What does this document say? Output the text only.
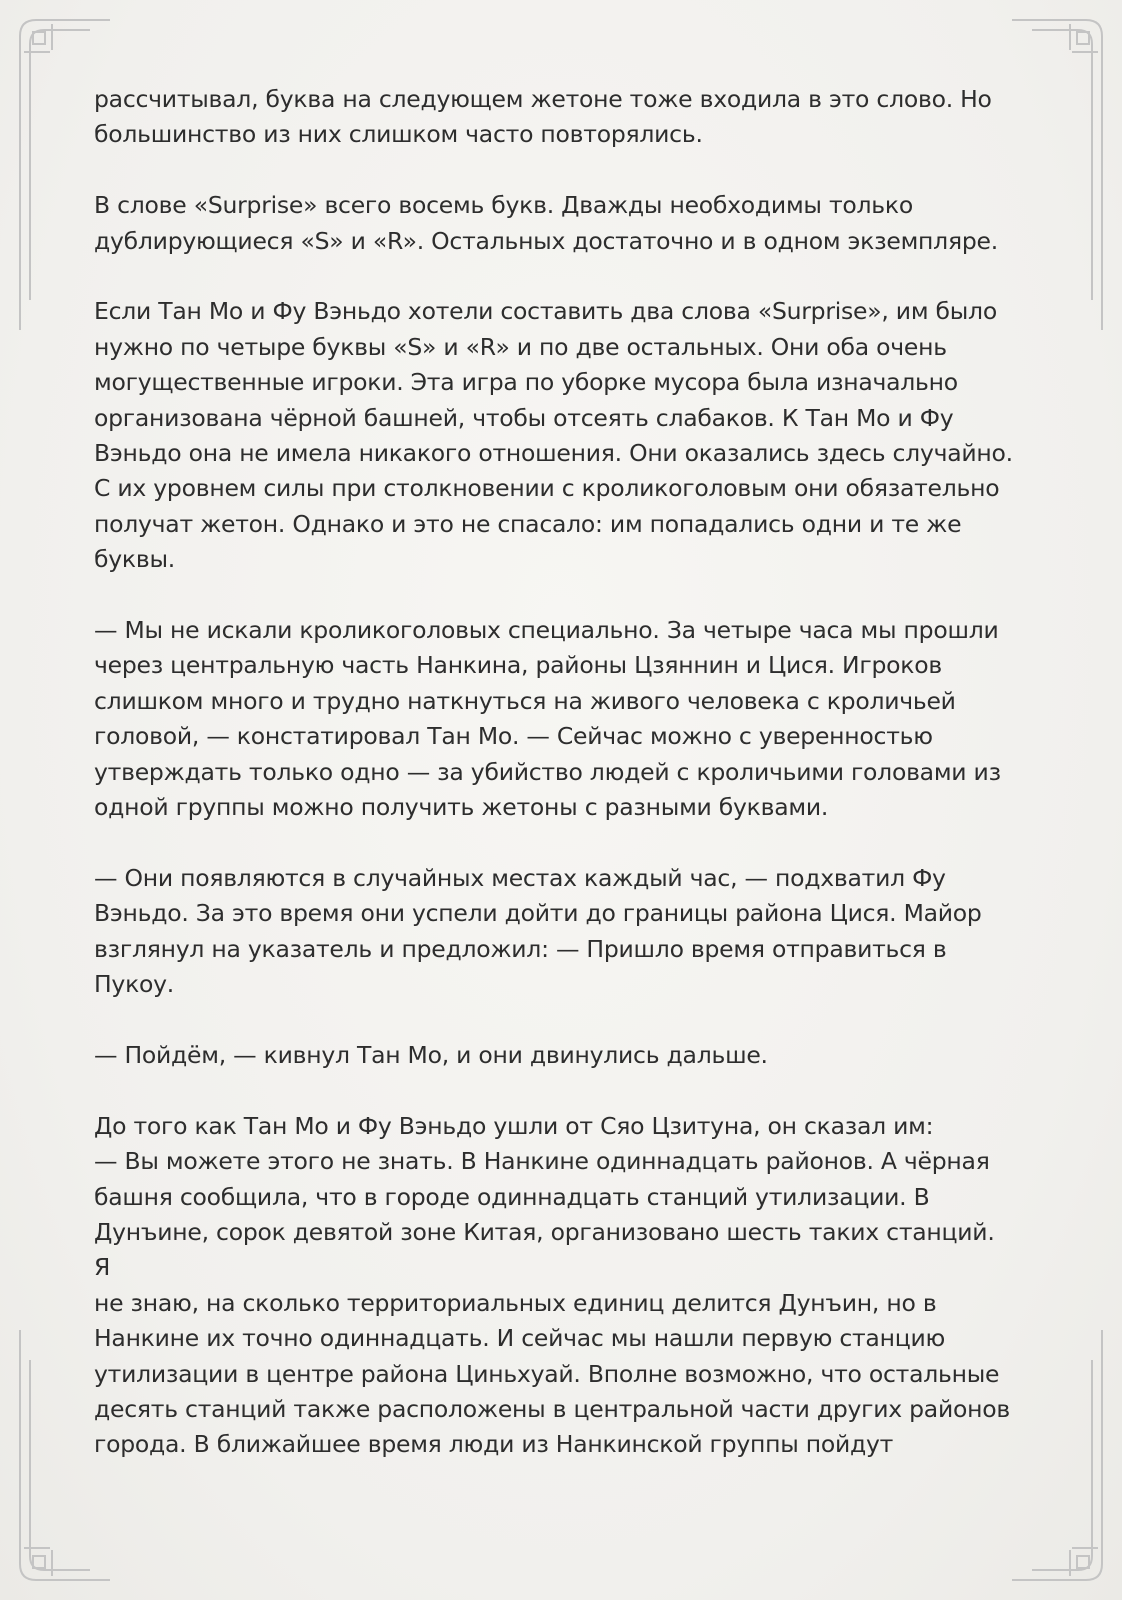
рассчитывал, буква на следующем жетоне тоже входила в это слово. Но
большинство из них слишком часто повторялись.

В слове «Surprise» всего восемь букв. Дважды необходимы только
дублирующиеся «S» и «R». Остальных достаточно и в одном экземпляре.

Если Тан Мо и Фу Вэньдо хотели составить два слова «Surprise», им было
нужно по четыре буквы «S» и «R» и по две остальных. Они оба очень
могущественные игроки. Эта игра по уборке мусора была изначально
организована чёрной башней, чтобы отсеять слабаков. К Тан Мо и Фу
Вэньдо она не имела никакого отношения. Они оказались здесь случайно.
С их уровнем силы при столкновении с кроликоголовым они обязательно
получат жетон. Однако и это не спасало: им попадались одни и те же
буквы.

— Мы не искали кроликоголовых специально. За четыре часа мы прошли
через центральную часть Нанкина, районы Цзяннин и Цися. Игроков
слишком много и трудно наткнуться на живого человека с кроличьей
головой, — констатировал Тан Мо. — Сейчас можно с уверенностью
утверждать только одно — за убийство людей с кроличьими головами из
одной группы можно получить жетоны с разными буквами.

— Они появляются в случайных местах каждый час, — подхватил Фу
Вэньдо. За это время они успели дойти до границы района Цися. Майор
взглянул на указатель и предложил: — Пришло время отправиться в
Пукоу.

— Пойдём, — кивнул Тан Мо, и они двинулись дальше.

До того как Тан Мо и Фу Вэньдо ушли от Сяо Цзитуна, он сказал им:
— Вы можете этого не знать. В Нанкине одиннадцать районов. А чёрная
башня сообщила, что в городе одиннадцать станций утилизации. В
Дунъине, сорок девятой зоне Китая, организовано шесть таких станций. Я
не знаю, на сколько территориальных единиц делится Дунъин, но в
Нанкине их точно одиннадцать. И сейчас мы нашли первую станцию
утилизации в центре района Циньхуай. Вполне возможно, что остальные
десять станций также расположены в центральной части других районов
города. В ближайшее время люди из Нанкинской группы пойдут
